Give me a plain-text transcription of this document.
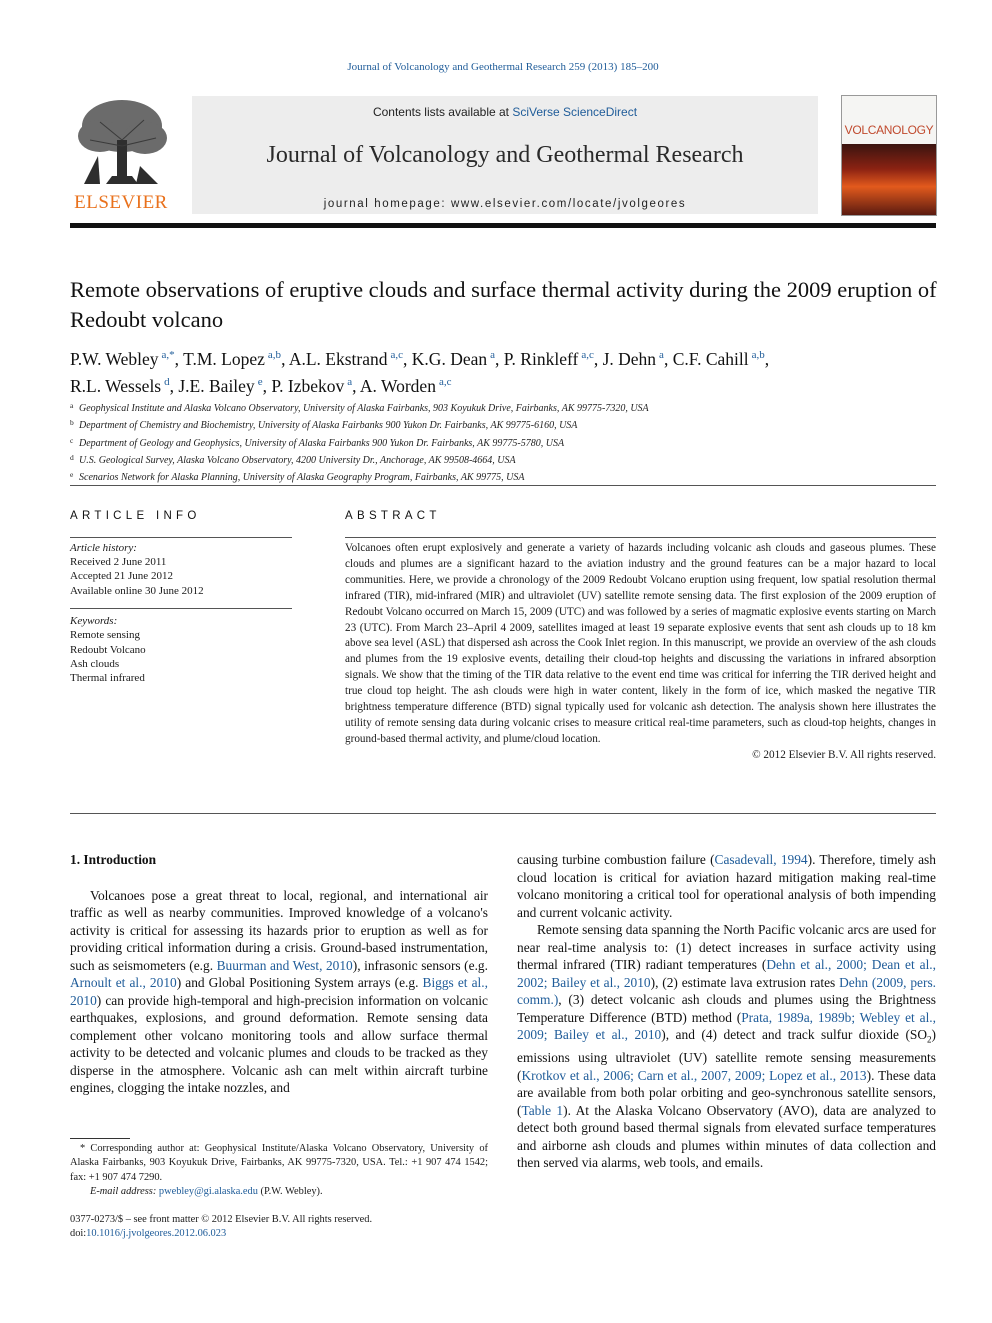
Journal of Volcanology and Geothermal Research 259 (2013) 185–200
ELSEVIER
Contents lists available at SciVerse ScienceDirect
Journal of Volcanology and Geothermal Research
journal homepage: www.elsevier.com/locate/jvolgeores
VOLCANOLOGY
Remote observations of eruptive clouds and surface thermal activity during the 2009 eruption of Redoubt volcano
P.W. Webley $^{a,*}$, T.M. Lopez $^{a,b}$, A.L. Ekstrand $^{a,c}$, K.G. Dean $^a$, P. Rinkleff $^{a,c}$, J. Dehn $^a$, C.F. Cahill $^{a,b}$,
R.L. Wessels $^d$, J.E. Bailey $^e$, P. Izbekov $^a$, A. Worden $^{a,c}$
a Geophysical Institute and Alaska Volcano Observatory, University of Alaska Fairbanks, 903 Koyukuk Drive, Fairbanks, AK 99775-7320, USA
b Department of Chemistry and Biochemistry, University of Alaska Fairbanks 900 Yukon Dr. Fairbanks, AK 99775-6160, USA
c Department of Geology and Geophysics, University of Alaska Fairbanks 900 Yukon Dr. Fairbanks, AK 99775-5780, USA
d U.S. Geological Survey, Alaska Volcano Observatory, 4200 University Dr., Anchorage, AK 99508-4664, USA
e Scenarios Network for Alaska Planning, University of Alaska Geography Program, Fairbanks, AK 99775, USA
ARTICLE INFO
Article history:
Received 2 June 2011
Accepted 21 June 2012
Available online 30 June 2012
Keywords:
Remote sensing
Redoubt Volcano
Ash clouds
Thermal infrared
ABSTRACT
Volcanoes often erupt explosively and generate a variety of hazards including volcanic ash clouds and gaseous plumes. These clouds and plumes are a significant hazard to the aviation industry and the ground features can be a major hazard to local communities. Here, we provide a chronology of the 2009 Redoubt Volcano eruption using frequent, low spatial resolution thermal infrared (TIR), mid-infrared (MIR) and ultraviolet (UV) satellite remote sensing data. The first explosion of the 2009 eruption of Redoubt Volcano occurred on March 15, 2009 (UTC) and was followed by a series of magmatic explosive events starting on March 23 (UTC). From March 23–April 4 2009, satellites imaged at least 19 separate explosive events that sent ash clouds up to 18 km above sea level (ASL) that dispersed ash across the Cook Inlet region. In this manuscript, we provide an overview of the ash clouds and plumes from the 19 explosive events, detailing their cloud-top heights and discussing the variations in infrared absorption signals. We show that the timing of the TIR data relative to the event end time was critical for inferring the TIR derived height and true cloud top height. The ash clouds were high in water content, likely in the form of ice, which masked the negative TIR brightness temperature difference (BTD) signal typically used for volcanic ash detection. The analysis shown here illustrates the utility of remote sensing data during volcanic crises to measure critical real-time parameters, such as cloud-top heights, changes in ground-based thermal activity, and plume/cloud location.
© 2012 Elsevier B.V. All rights reserved.
1. Introduction

Volcanoes pose a great threat to local, regional, and international air traffic as well as nearby communities. Improved knowledge of a volcano's activity is critical for assessing its hazards prior to eruption as well as for providing critical information during a crisis. Ground-based instrumentation, such as seismometers (e.g. Buurman and West, 2010), infrasonic sensors (e.g. Arnoult et al., 2010) and Global Positioning System arrays (e.g. Biggs et al., 2010) can provide high-temporal and high-precision information on volcanic earthquakes, explosions, and ground deformation. Remote sensing data complement other volcano monitoring tools and allow surface thermal activity to be detected and volcanic plumes and clouds to be tracked as they disperse in the atmosphere. Volcanic ash can melt within aircraft turbine engines, clogging the intake nozzles, and

causing turbine combustion failure (Casadevall, 1994). Therefore, timely ash cloud location is critical for aviation hazard mitigation making real-time volcano monitoring a critical tool for operational analysis of both impending and current volcanic activity.

Remote sensing data spanning the North Pacific volcanic arcs are used for near real-time analysis to: (1) detect increases in surface activity using thermal infrared (TIR) radiant temperatures (Dehn et al., 2000; Dean et al., 2002; Bailey et al., 2010), (2) estimate lava extrusion rates Dehn (2009, pers. comm.), (3) detect volcanic ash clouds and plumes using the Brightness Temperature Difference (BTD) method (Prata, 1989a, 1989b; Webley et al., 2009; Bailey et al., 2010), and (4) detect and track sulfur dioxide $(SO_2)$ emissions using ultraviolet (UV) satellite remote sensing measurements (Krotkov et al., 2006; Carn et al., 2007, 2009; Lopez et al., 2013). These data are available from both polar orbiting and geo-synchronous satellite sensors, (Table 1). At the Alaska Volcano Observatory (AVO), data are analyzed to detect both ground based thermal signals from elevated surface temperatures and airborne ash clouds and plumes within minutes of data collection and then served via alarms, web tools, and emails.

* Corresponding author at: Geophysical Institute/Alaska Volcano Observatory, University of Alaska Fairbanks, 903 Koyukuk Drive, Fairbanks, AK 99775-7320, USA. Tel.: +1 907 474 1542; fax: +1 907 474 7290.
E-mail address: pwebley@gi.alaska.edu (P.W. Webley).
0377-0273/$ – see front matter © 2012 Elsevier B.V. All rights reserved.
doi:10.1016/j.jvolgeores.2012.06.023
